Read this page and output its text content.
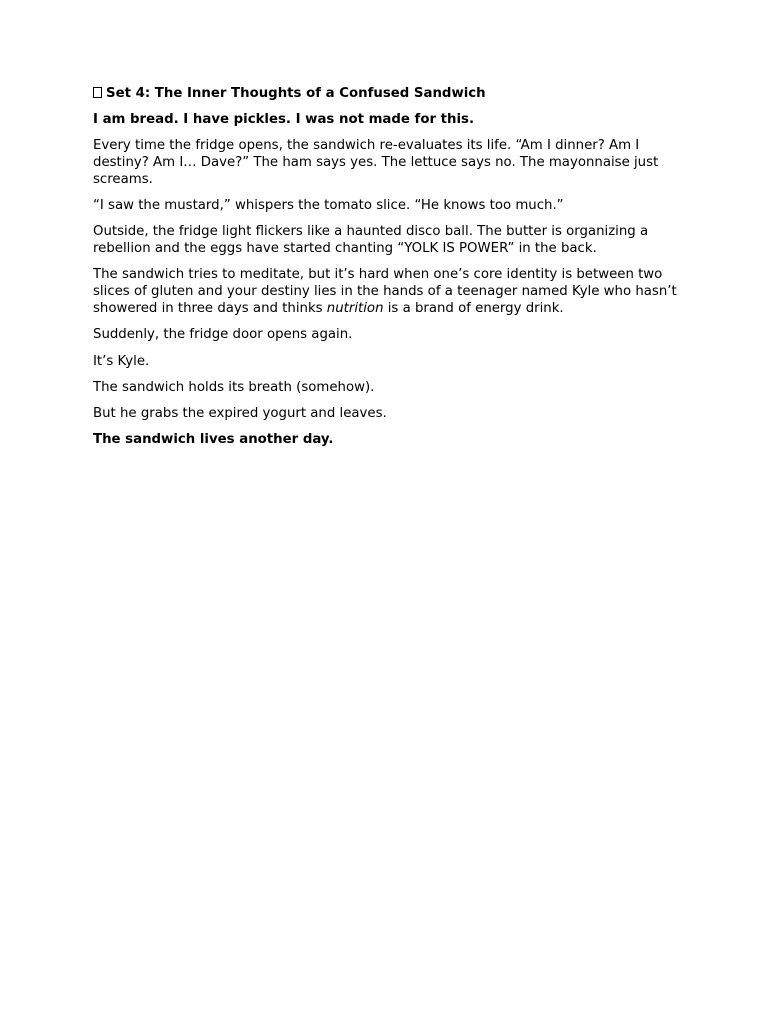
Set 4: The Inner Thoughts of a Confused Sandwich

I am bread. I have pickles. I was not made for this.

Every time the fridge opens, the sandwich re-evaluates its life. “Am I dinner? Am I destiny? Am I… Dave?” The ham says yes. The lettuce says no. The mayonnaise just screams.

“I saw the mustard,” whispers the tomato slice. “He knows too much.”

Outside, the fridge light flickers like a haunted disco ball. The butter is organizing a rebellion and the eggs have started chanting “YOLK IS POWER” in the back.

The sandwich tries to meditate, but it’s hard when one’s core identity is between two slices of gluten and your destiny lies in the hands of a teenager named Kyle who hasn’t showered in three days and thinks nutrition is a brand of energy drink.

Suddenly, the fridge door opens again.

It’s Kyle.

The sandwich holds its breath (somehow).

But he grabs the expired yogurt and leaves.

The sandwich lives another day.
